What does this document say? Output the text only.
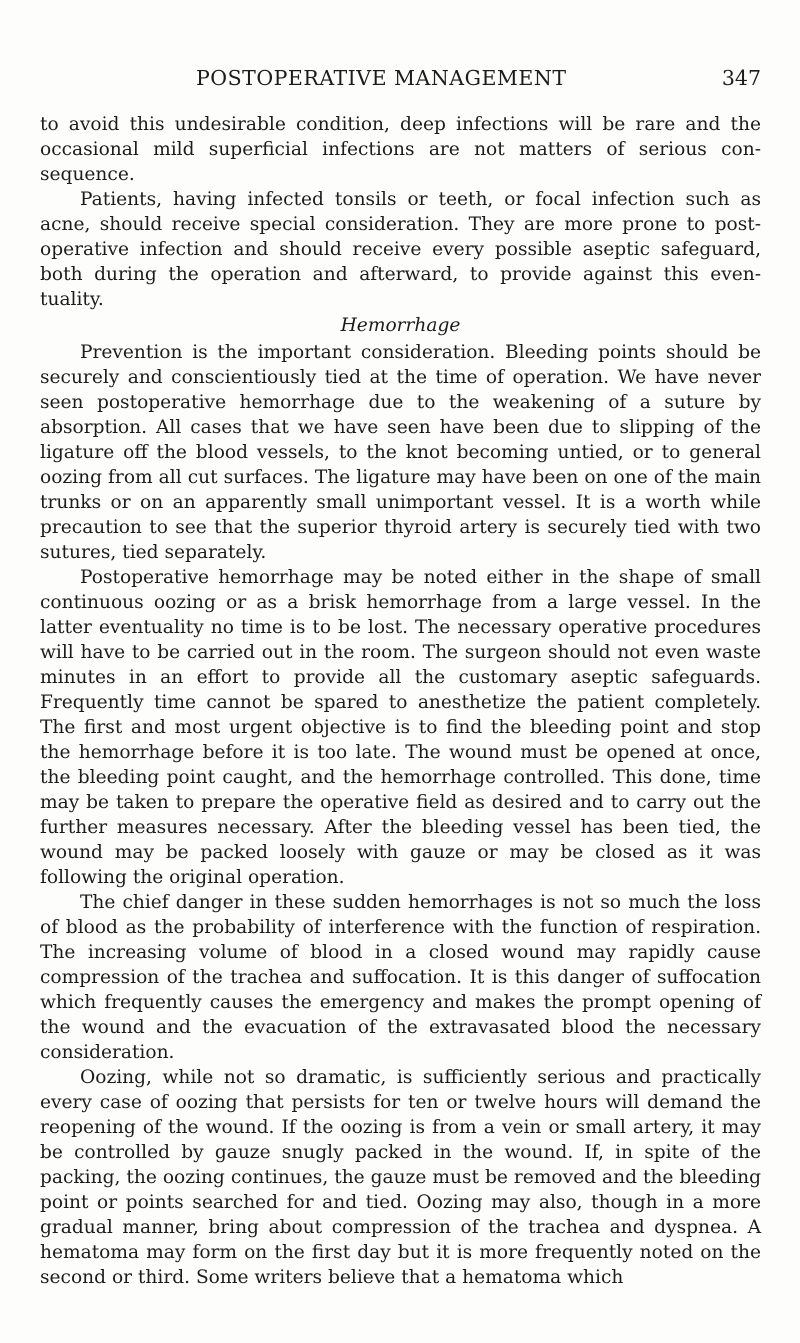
POSTOPERATIVE MANAGEMENT	347

to avoid this undesirable condition, deep infections will be rare and the occasional mild superficial infections are not matters of serious consequence.

Patients, having infected tonsils or teeth, or focal infection such as acne, should receive special consideration. They are more prone to postoperative infection and should receive every possible aseptic safeguard, both during the operation and afterward, to provide against this eventuality.

Hemorrhage

Prevention is the important consideration. Bleeding points should be securely and conscientiously tied at the time of operation. We have never seen postoperative hemorrhage due to the weakening of a suture by absorption. All cases that we have seen have been due to slipping of the ligature off the blood vessels, to the knot becoming untied, or to general oozing from all cut surfaces. The ligature may have been on one of the main trunks or on an apparently small unimportant vessel. It is a worth while precaution to see that the superior thyroid artery is securely tied with two sutures, tied separately.

Postoperative hemorrhage may be noted either in the shape of small continuous oozing or as a brisk hemorrhage from a large vessel. In the latter eventuality no time is to be lost. The necessary operative procedures will have to be carried out in the room. The surgeon should not even waste minutes in an effort to provide all the customary aseptic safeguards. Frequently time cannot be spared to anesthetize the patient completely. The first and most urgent objective is to find the bleeding point and stop the hemorrhage before it is too late. The wound must be opened at once, the bleeding point caught, and the hemorrhage controlled. This done, time may be taken to prepare the operative field as desired and to carry out the further measures necessary. After the bleeding vessel has been tied, the wound may be packed loosely with gauze or may be closed as it was following the original operation.

The chief danger in these sudden hemorrhages is not so much the loss of blood as the probability of interference with the function of respiration. The increasing volume of blood in a closed wound may rapidly cause compression of the trachea and suffocation. It is this danger of suffocation which frequently causes the emergency and makes the prompt opening of the wound and the evacuation of the extravasated blood the necessary consideration.

Oozing, while not so dramatic, is sufficiently serious and practically every case of oozing that persists for ten or twelve hours will demand the reopening of the wound. If the oozing is from a vein or small artery, it may be controlled by gauze snugly packed in the wound. If, in spite of the packing, the oozing continues, the gauze must be removed and the bleeding point or points searched for and tied. Oozing may also, though in a more gradual manner, bring about compression of the trachea and dyspnea. A hematoma may form on the first day but it is more frequently noted on the second or third. Some writers believe that a hematoma which
